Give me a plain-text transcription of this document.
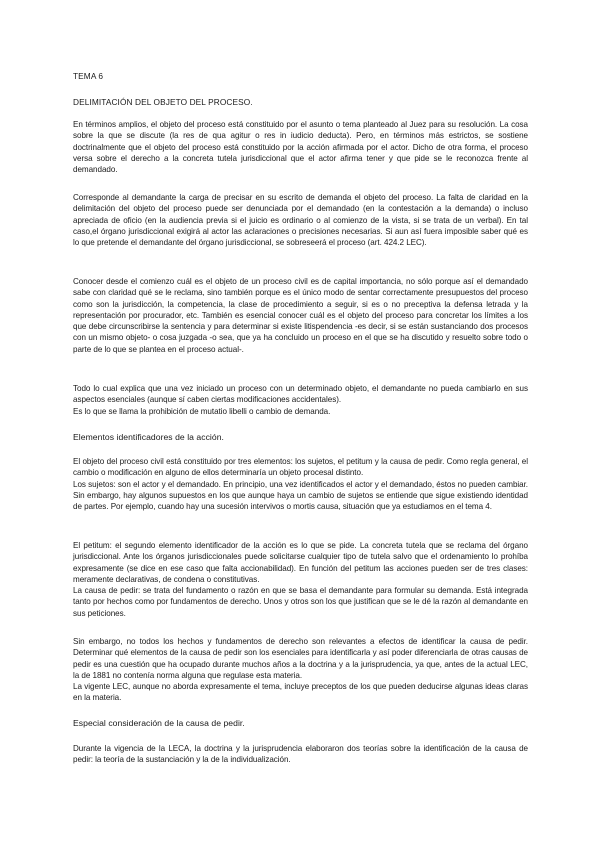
TEMA 6

DELIMITACIÓN DEL OBJETO DEL PROCESO.

En términos amplios, el objeto del proceso está constituido por el asunto o tema planteado al Juez para su resolución. La cosa sobre la que se discute (la res de qua agitur o res in iudicio deducta). Pero, en términos más estrictos, se sostiene doctrinalmente que el objeto del proceso está constituido por la acción afirmada por el actor. Dicho de otra forma, el proceso versa sobre el derecho a la concreta tutela jurisdiccional que el actor afirma tener y que pide se le reconozca frente al demandado.

Corresponde al demandante la carga de precisar en su escrito de demanda el objeto del proceso. La falta de claridad en la delimitación del objeto del proceso puede ser denunciada por el demandado (en la contestación a la demanda) o incluso apreciada de oficio (en la audiencia previa si el juicio es ordinario o al comienzo de la vista, si se trata de un verbal). En tal caso,el órgano jurisdiccional exigirá al actor las aclaraciones o precisiones necesarias. Si aun así fuera imposible saber qué es lo que pretende el demandante del órgano jurisdiccional, se sobreseerá el proceso (art. 424.2 LEC).

Conocer desde el comienzo cuál es el objeto de un proceso civil es de capital importancia, no sólo porque así el demandado sabe con claridad qué se le reclama, sino también porque es el único modo de sentar correctamente presupuestos del proceso como son la jurisdicción, la competencia, la clase de procedimiento a seguir, si es o no preceptiva la defensa letrada y la representación por procurador, etc. También es esencial conocer cuál es el objeto del proceso para concretar los límites a los que debe circunscribirse la sentencia y para determinar si existe litispendencia -es decir, si se están sustanciando dos procesos con un mismo objeto- o cosa juzgada -o sea, que ya ha concluido un proceso en el que se ha discutido y resuelto sobre todo o parte de lo que se plantea en el proceso actual-.

Todo lo cual explica que una vez iniciado un proceso con un determinado objeto, el demandante no pueda cambiarlo en sus aspectos esenciales (aunque sí caben ciertas modificaciones accidentales).
Es lo que se llama la prohibición de mutatio libelli o cambio de demanda.

Elementos identificadores de la acción.

El objeto del proceso civil está constituido por tres elementos: los sujetos, el petitum y la causa de pedir. Como regla general, el cambio o modificación en alguno de ellos determinaría un objeto procesal distinto.
Los sujetos: son el actor y el demandado. En principio, una vez identificados el actor y el demandado, éstos no pueden cambiar. Sin embargo, hay algunos supuestos en los que aunque haya un cambio de sujetos se entiende que sigue existiendo identidad de partes. Por ejemplo, cuando hay una sucesión intervivos o mortis causa, situación que ya estudiamos en el tema 4.
El petitum: el segundo elemento identificador de la acción es lo que se pide. La concreta tutela que se reclama del órgano jurisdiccional. Ante los órganos jurisdiccionales puede solicitarse cualquier tipo de tutela salvo que el ordenamiento lo prohíba expresamente (se dice en ese caso que falta accionabilidad). En función del petitum las acciones pueden ser de tres clases: meramente declarativas, de condena o constitutivas.
La causa de pedir: se trata del fundamento o razón en que se basa el demandante para formular su demanda. Está integrada tanto por hechos como por fundamentos de derecho. Unos y otros son los que justifican que se le dé la razón al demandante en sus peticiones.
Sin embargo, no todos los hechos y fundamentos de derecho son relevantes a efectos de identificar la causa de pedir. Determinar qué elementos de la causa de pedir son los esenciales para identificarla y así poder diferenciarla de otras causas de pedir es una cuestión que ha ocupado durante muchos años a la doctrina y a la jurisprudencia, ya que, antes de la actual LEC, la de 1881 no contenía norma alguna que regulase esta materia.
La vigente LEC, aunque no aborda expresamente el tema, incluye preceptos de los que pueden deducirse algunas ideas claras en la materia.

Especial consideración de la causa de pedir.

Durante la vigencia de la LECA, la doctrina y la jurisprudencia elaboraron dos teorías sobre la identificación de la causa de pedir: la teoría de la sustanciación y la de la individualización.
